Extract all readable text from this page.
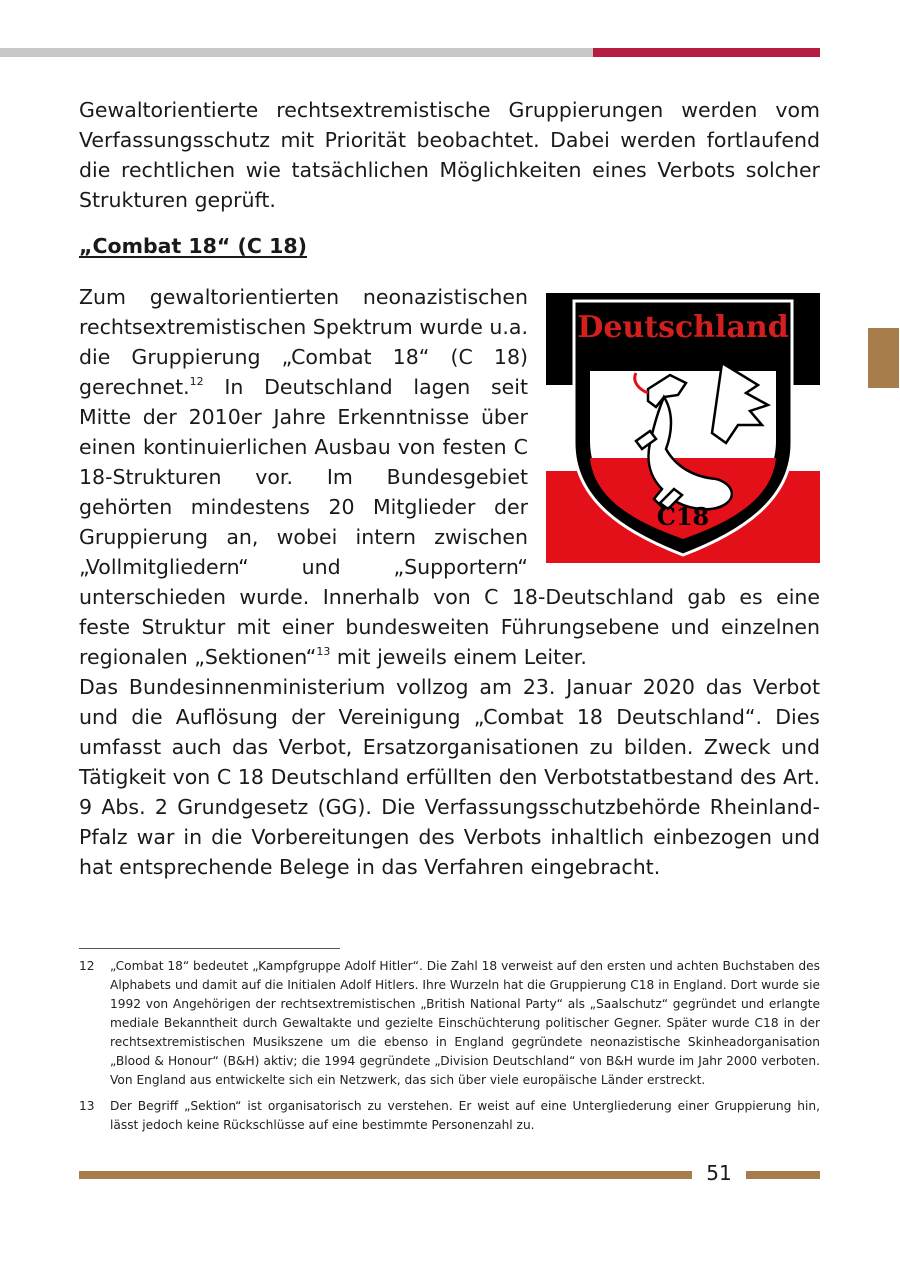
Gewaltorientierte rechtsextremistische Gruppierungen werden vom Verfassungsschutz mit Priorität beobachtet. Dabei werden fortlaufend die rechtlichen wie tatsächlichen Möglichkeiten eines Verbots solcher Strukturen geprüft.

„Combat 18“ (C 18)
Deutschland
C18
Zum gewaltorientierten neonazistischen rechtsextremistischen Spektrum wurde u.a. die Gruppierung „Combat 18“ (C 18) gerechnet.$^{12}$ In Deutschland lagen seit Mitte der 2010er Jahre Erkenntnisse über einen kontinuierlichen Ausbau von festen C 18-Strukturen vor. Im Bundesgebiet gehörten mindestens 20 Mitglieder der Gruppierung an, wobei intern zwischen „Vollmitgliedern“ und „Supportern“ unterschieden wurde. Innerhalb von C 18-Deutschland gab es eine feste Struktur mit einer bundesweiten Führungsebene und einzelnen regionalen „Sektionen“$^{13}$ mit jeweils einem Leiter.

Das Bundesinnenministerium vollzog am 23. Januar 2020 das Verbot und die Auflösung der Vereinigung „Combat 18 Deutschland“. Dies umfasst auch das Verbot, Ersatzorganisationen zu bilden. Zweck und Tätigkeit von C 18 Deutschland erfüllten den Verbotstatbestand des Art. 9 Abs. 2 Grundgesetz (GG). Die Verfassungsschutzbehörde Rheinland-Pfalz war in die Vorbereitungen des Verbots inhaltlich einbezogen und hat entsprechende Belege in das Verfahren eingebracht.

12 „Combat 18“ bedeutet „Kampfgruppe Adolf Hitler“. Die Zahl 18 verweist auf den ersten und achten Buchstaben des Alphabets und damit auf die Initialen Adolf Hitlers. Ihre Wurzeln hat die Gruppierung C18 in England. Dort wurde sie 1992 von Angehörigen der rechtsextremistischen „British National Party“ als „Saalschutz“ gegründet und erlangte mediale Bekanntheit durch Gewaltakte und gezielte Einschüchterung politischer Gegner. Später wurde C18 in der rechtsextremistischen Musikszene um die ebenso in England gegründete neonazistische Skinheadorganisation „Blood & Honour“ (B&H) aktiv; die 1994 gegründete „Division Deutschland“ von B&H wurde im Jahr 2000 verboten. Von England aus entwickelte sich ein Netzwerk, das sich über viele europäische Länder erstreckt.

13 Der Begriff „Sektion“ ist organisatorisch zu verstehen. Er weist auf eine Untergliederung einer Gruppierung hin, lässt jedoch keine Rückschlüsse auf eine bestimmte Personenzahl zu.

51
